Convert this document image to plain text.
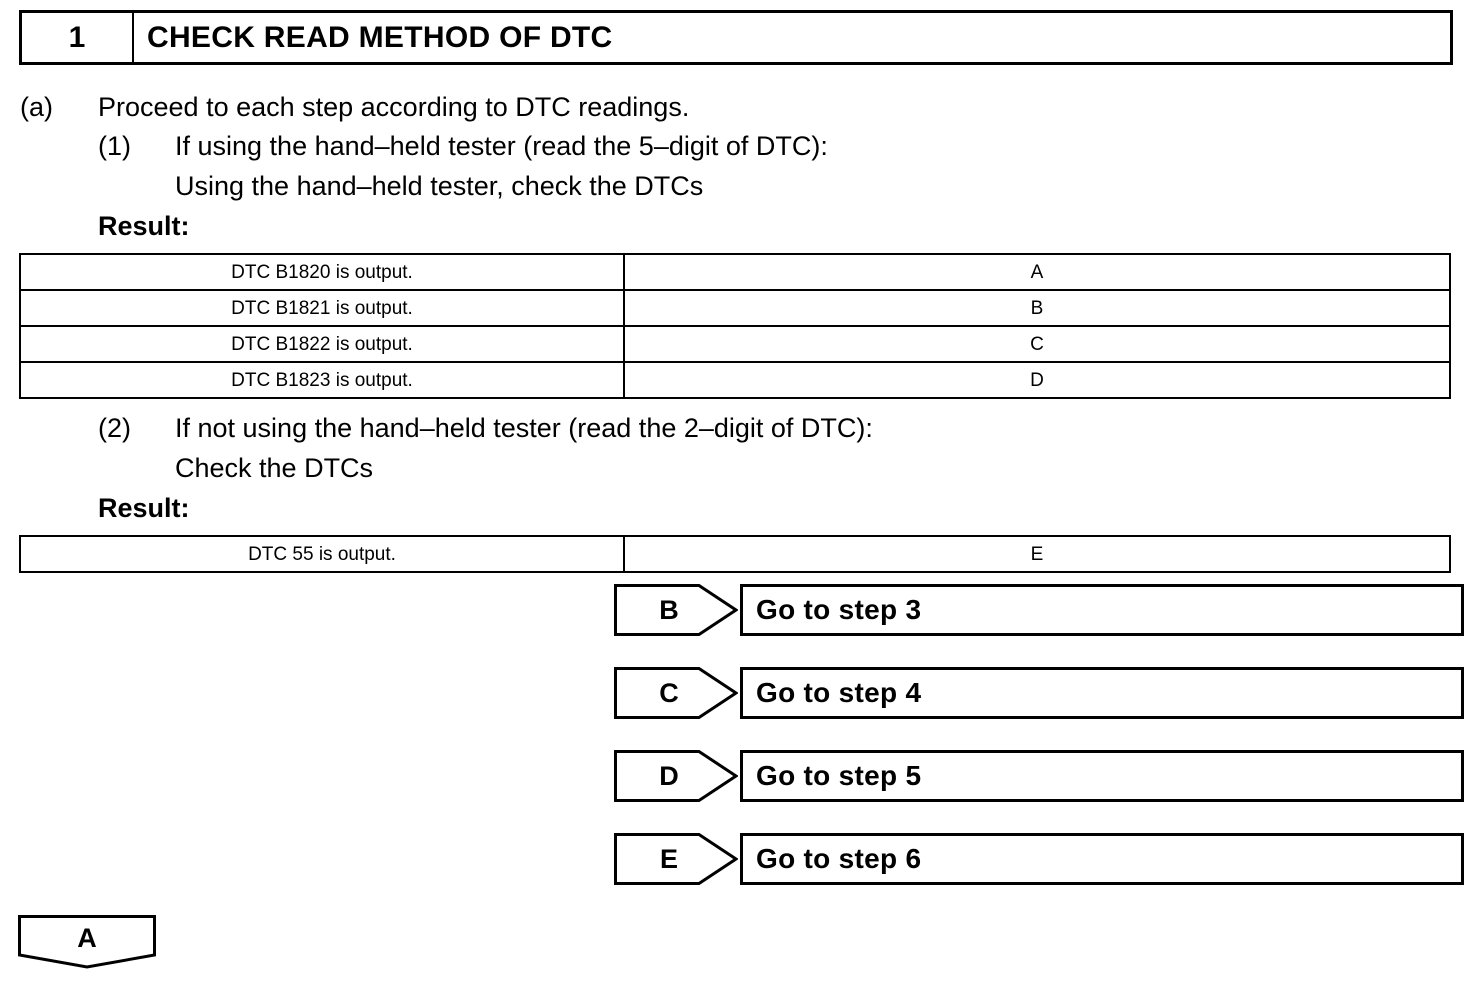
1	CHECK READ METHOD OF DTC
(a) Proceed to each step according to DTC readings.
(1) If using the hand–held tester (read the 5–digit of DTC):
Using the hand–held tester, check the DTCs
Result:
DTC B1820 is output.	A
DTC B1821 is output.	B
DTC B1822 is output.	C
DTC B1823 is output.	D
(2) If not using the hand–held tester (read the 2–digit of DTC):
Check the DTCs
Result:
DTC 55 is output.	E
B	Go to step 3
C	Go to step 4
D	Go to step 5
E	Go to step 6
A
